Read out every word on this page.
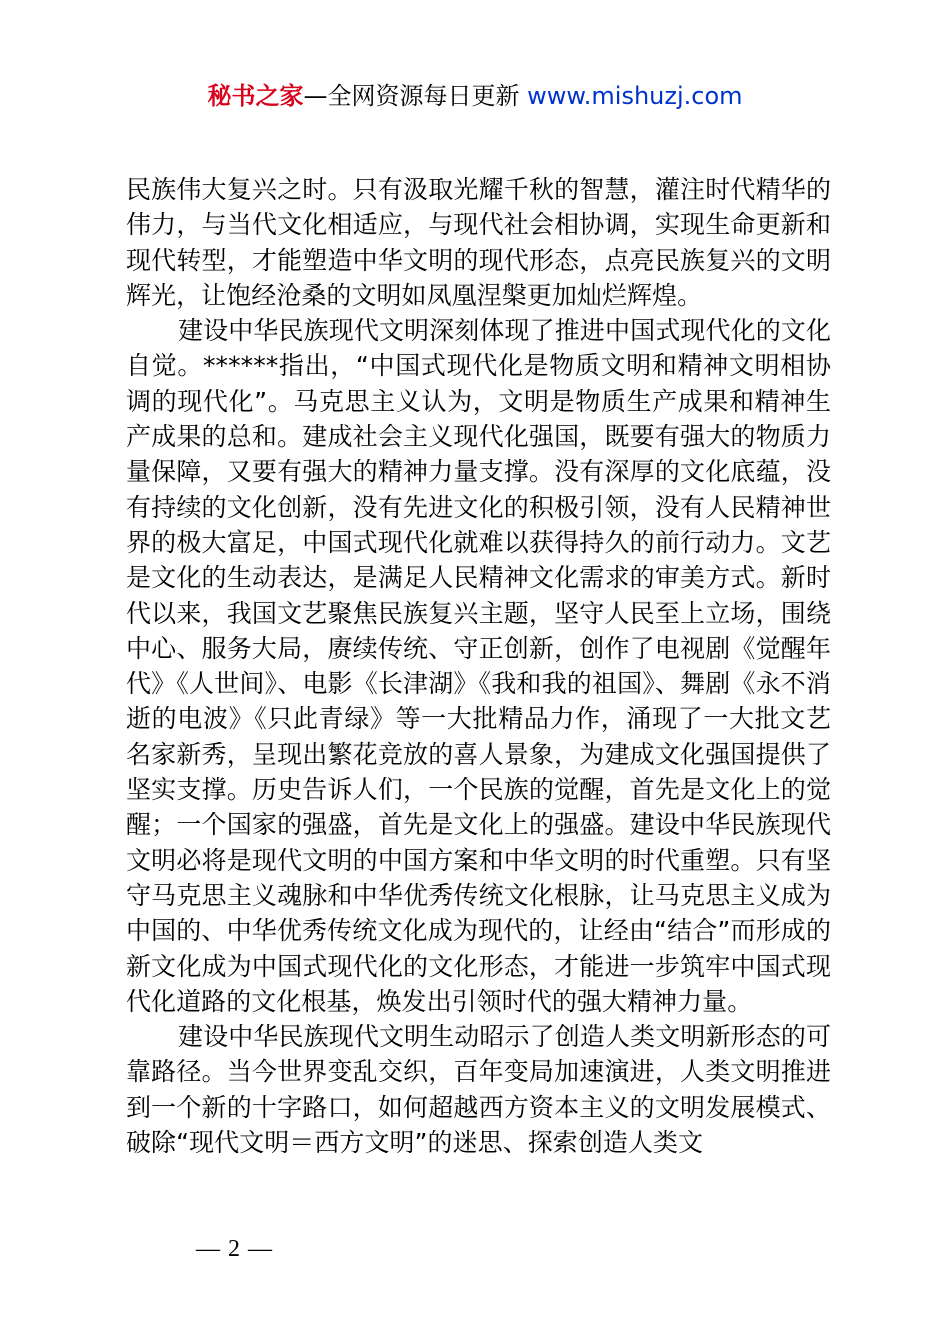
秘书之家—全网资源每日更新 www.mishuzj.com

民族伟大复兴之时。只有汲取光耀千秋的智慧，灌注时代精华的伟力，与当代文化相适应，与现代社会相协调，实现生命更新和现代转型，才能塑造中华文明的现代形态，点亮民族复兴的文明辉光，让饱经沧桑的文明如凤凰涅槃更加灿烂辉煌。

建设中华民族现代文明深刻体现了推进中国式现代化的文化自觉。******指出，“中国式现代化是物质文明和精神文明相协调的现代化”。马克思主义认为，文明是物质生产成果和精神生产成果的总和。建成社会主义现代化强国，既要有强大的物质力量保障，又要有强大的精神力量支撑。没有深厚的文化底蕴，没有持续的文化创新，没有先进文化的积极引领，没有人民精神世界的极大富足，中国式现代化就难以获得持久的前行动力。文艺是文化的生动表达，是满足人民精神文化需求的审美方式。新时代以来，我国文艺聚焦民族复兴主题，坚守人民至上立场，围绕中心、服务大局，赓续传统、守正创新，创作了电视剧《觉醒年代》《人世间》、电影《长津湖》《我和我的祖国》、舞剧《永不消逝的电波》《只此青绿》等一大批精品力作，涌现了一大批文艺名家新秀，呈现出繁花竞放的喜人景象，为建成文化强国提供了坚实支撑。历史告诉人们，一个民族的觉醒，首先是文化上的觉醒；一个国家的强盛，首先是文化上的强盛。建设中华民族现代文明必将是现代文明的中国方案和中华文明的时代重塑。只有坚守马克思主义魂脉和中华优秀传统文化根脉，让马克思主义成为中国的、中华优秀传统文化成为现代的，让经由“结合”而形成的新文化成为中国式现代化的文化形态，才能进一步筑牢中国式现代化道路的文化根基，焕发出引领时代的强大精神力量。

建设中华民族现代文明生动昭示了创造人类文明新形态的可靠路径。当今世界变乱交织，百年变局加速演进，人类文明推进到一个新的十字路口，如何超越西方资本主义的文明发展模式、破除“现代文明＝西方文明”的迷思、探索创造人类文

— 2 —
